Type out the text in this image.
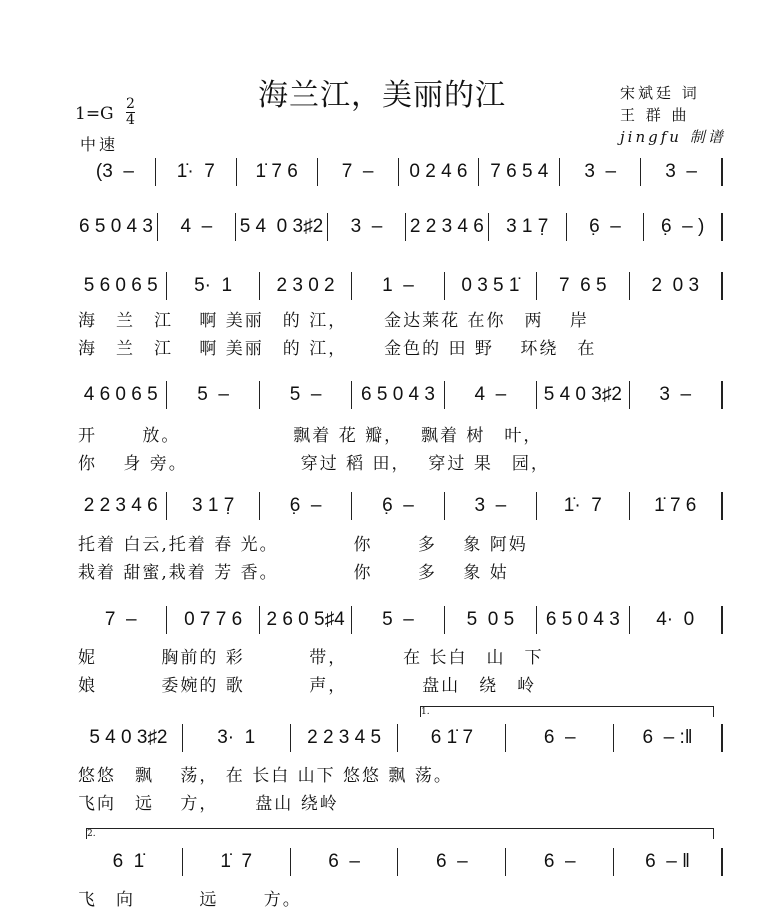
海兰江，美丽的江	宋斌廷 词
王 群 曲
jingfu 制谱
$1=G \frac{2}{4}$
中速
1.
2.
(3  –	1̇·  7	1̇ 7 6	7  –	0 2 4 6	7 6 5 4	3  –	3  –
6 5 0 4 3	4  –	5 4  0 3♯2	3  –	2 2 3 4 6	3 1 7̣	6̣  –	6̣  – )
5 6 0 6 5	5·  1	2 3 0 2	1  –	0 3 5 1̇	7  6 5	2  0 3
4 6 0 6 5	5  –	5  –	6 5 0 4 3	4  –	5 4 0 3♯2	3  –
2 2 3 4 6	3 1 7̣	6̣  –	6̣  –	3  –	1̇·  7	1̇ 7 6
7  –	0 7 7 6	2 6 0 5♯4	5  –	5  0 5	6 5 0 4 3	4·  0
5 4 0 3♯2	3·  1	2 2 3 4 5	6 1̇ 7	6  –	6  – :‖
6  1̇	1̇  7	6  –	6  –	6  –	6  – ‖
海　兰　江　 啊 美丽　的 江，　　 金达莱花 在你　两　 岸
海　兰　江　 啊 美丽　的 江，　　 金色的 田 野　 环绕　在
开　　 放。　　　　　　 飘着 花 瓣，　 飘着 树　叶，
你　 身 旁。　　　　　　 穿过 稻 田，　 穿过 果　园，
托着 白云,托着 春 光。　　　　 你　　 多　 象 阿妈
栽着 甜蜜,栽着 芳 香。　　　　 你　　 多　 象 姑
妮　　　 胸前的 彩　　　 带，　　　 在 长白　山　下
娘　　　 委婉的 歌　　　 声，　　　　 盘山　绕　岭
悠悠　飘　 荡， 在 长白 山下 悠悠 飘 荡。
飞向　远　 方，　　 盘山 绕岭
飞　向　　　 远　　 方。
